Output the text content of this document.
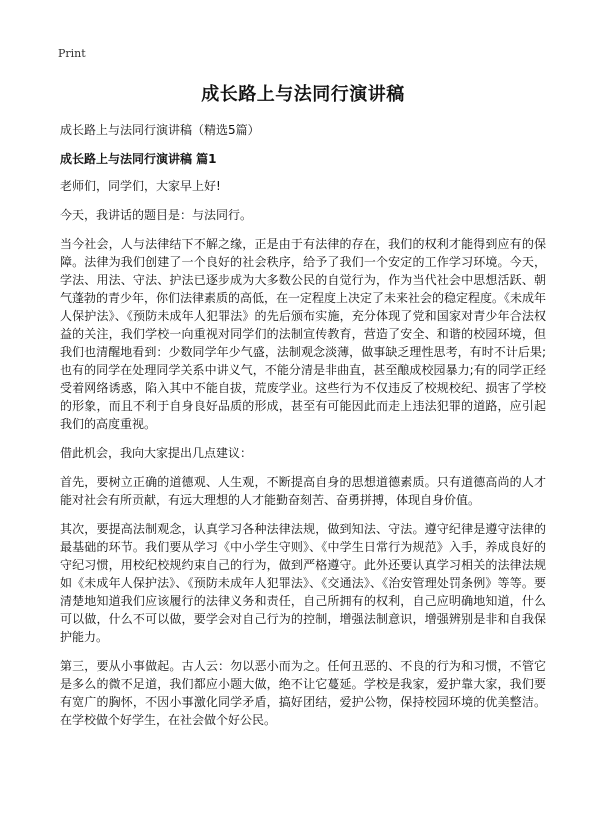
Print
成长路上与法同行演讲稿

成长路上与法同行演讲稿（精选5篇）

成长路上与法同行演讲稿 篇1

老师们，同学们，大家早上好!

今天，我讲话的题目是：与法同行。

当今社会，人与法律结下不解之缘，正是由于有法律的存在，我们的权利才能得到应有的保障。法律为我们创建了一个良好的社会秩序，给予了我们一个安定的工作学习环境。今天，学法、用法、守法、护法已逐步成为大多数公民的自觉行为，作为当代社会中思想活跃、朝气蓬勃的青少年，你们法律素质的高低，在一定程度上决定了未来社会的稳定程度。《未成年人保护法》、《预防未成年人犯罪法》的先后颁布实施，充分体现了党和国家对青少年合法权益的关注，我们学校一向重视对同学们的法制宣传教育，营造了安全、和谐的校园环境，但我们也清醒地看到：少数同学年少气盛，法制观念淡薄，做事缺乏理性思考，有时不计后果;也有的同学在处理同学关系中讲义气，不能分清是非曲直，甚至酿成校园暴力;有的同学正经受着网络诱惑，陷入其中不能自拔，荒废学业。这些行为不仅违反了校规校纪、损害了学校的形象，而且不利于自身良好品质的形成，甚至有可能因此而走上违法犯罪的道路，应引起我们的高度重视。

借此机会，我向大家提出几点建议：

首先，要树立正确的道德观、人生观，不断提高自身的思想道德素质。只有道德高尚的人才能对社会有所贡献，有远大理想的人才能勤奋刻苦、奋勇拼搏，体现自身价值。

其次，要提高法制观念，认真学习各种法律法规，做到知法、守法。遵守纪律是遵守法律的最基础的环节。我们要从学习《中小学生守则》、《中学生日常行为规范》入手，养成良好的守纪习惯，用校纪校规约束自己的行为，做到严格遵守。此外还要认真学习相关的法律法规如《未成年人保护法》、《预防未成年人犯罪法》、《交通法》、《治安管理处罚条例》等等。要清楚地知道我们应该履行的法律义务和责任，自己所拥有的权利，自己应明确地知道，什么可以做，什么不可以做，要学会对自己行为的控制，增强法制意识，增强辨别是非和自我保护能力。

第三，要从小事做起。古人云：勿以恶小而为之。任何丑恶的、不良的行为和习惯，不管它是多么的微不足道，我们都应小题大做，绝不让它蔓延。学校是我家，爱护靠大家，我们要有宽广的胸怀，不因小事激化同学矛盾，搞好团结，爱护公物，保持校园环境的优美整洁。在学校做个好学生，在社会做个好公民。
